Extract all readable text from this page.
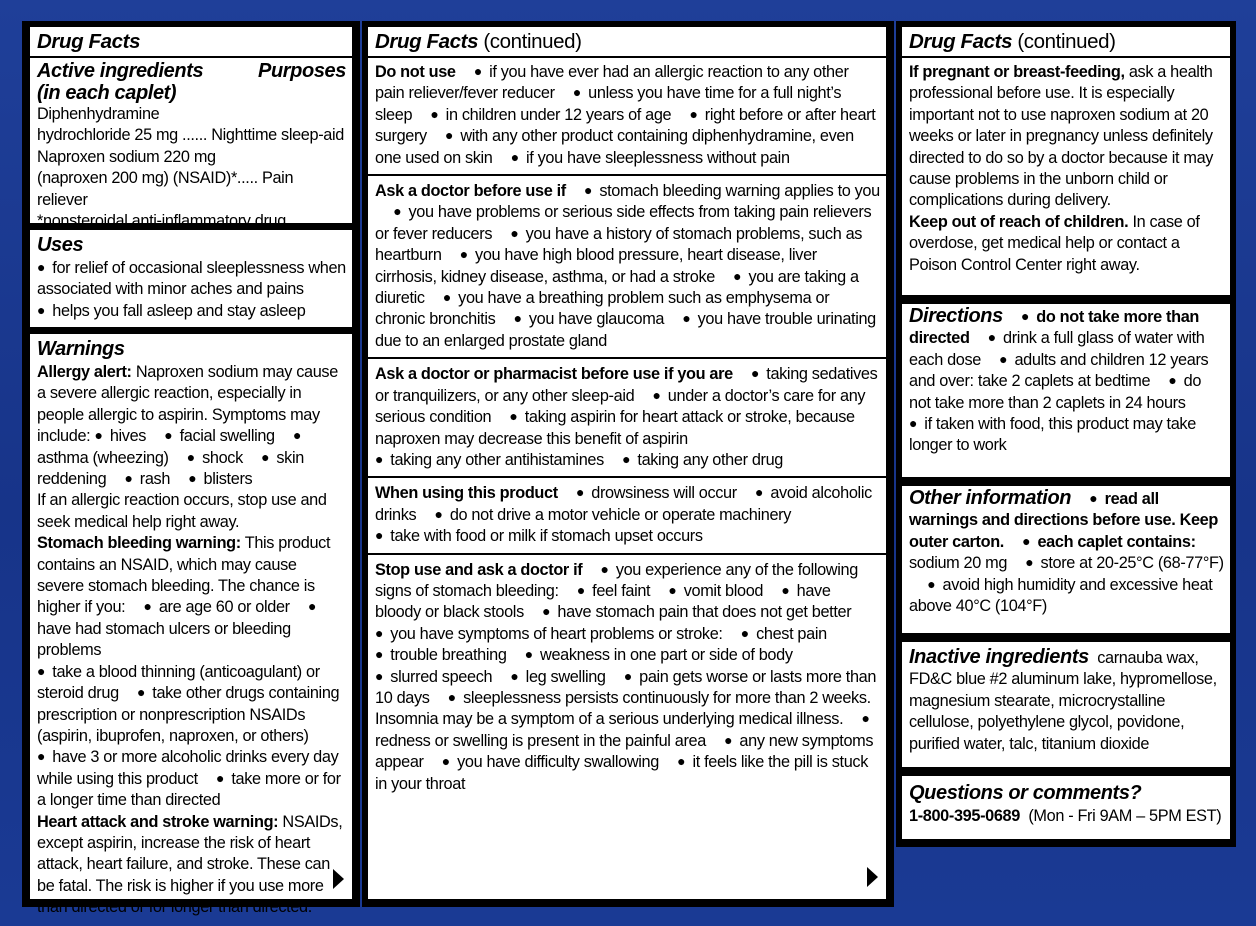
Drug Facts
Active ingredients	Purposes
(in each caplet)
Diphenhydramine
hydrochloride 25 mg ...... Nighttime sleep-aid
Naproxen sodium 220 mg
(naproxen 200 mg) (NSAID)*..... Pain reliever
*nonsteroidal anti-inflammatory drug
Uses
● for relief of occasional sleeplessness when associated with minor aches and pains
● helps you fall asleep and stay asleep
Warnings
Allergy alert: Naproxen sodium may cause a severe allergic reaction, especially in people allergic to aspirin. Symptoms may include: ● hives ● facial swelling ● asthma (wheezing) ● shock ● skin reddening ● rash ● blisters
If an allergic reaction occurs, stop use and seek medical help right away.
Stomach bleeding warning: This product contains an NSAID, which may cause severe stomach bleeding. The chance is higher if you: ● are age 60 or older ● have had stomach ulcers or bleeding problems
● take a blood thinning (anticoagulant) or steroid drug ● take other drugs containing prescription or nonprescription NSAIDs (aspirin, ibuprofen, naproxen, or others)
● have 3 or more alcoholic drinks every day while using this product ● take more or for a longer time than directed
Heart attack and stroke warning: NSAIDs, except aspirin, increase the risk of heart attack, heart failure, and stroke. These can be fatal. The risk is higher if you use more than directed or for longer than directed.
Drug Facts (continued)
Do not use ● if you have ever had an allergic reaction to any other pain reliever/fever reducer ● unless you have time for a full night’s sleep ● in children under 12 years of age ● right before or after heart surgery ● with any other product containing diphenhydramine, even one used on skin ● if you have sleeplessness without pain
Ask a doctor before use if ● stomach bleeding warning applies to you ● you have problems or serious side effects from taking pain relievers or fever reducers ● you have a history of stomach problems, such as heartburn ● you have high blood pressure, heart disease, liver cirrhosis, kidney disease, asthma, or had a stroke ● you are taking a diuretic ● you have a breathing problem such as emphysema or chronic bronchitis ● you have glaucoma ● you have trouble urinating due to an enlarged prostate gland
Ask a doctor or pharmacist before use if you are ● taking sedatives or tranquilizers, or any other sleep-aid ● under a doctor’s care for any serious condition ● taking aspirin for heart attack or stroke, because naproxen may decrease this benefit of aspirin
● taking any other antihistamines ● taking any other drug
When using this product ● drowsiness will occur ● avoid alcoholic drinks ● do not drive a motor vehicle or operate machinery
● take with food or milk if stomach upset occurs
Stop use and ask a doctor if ● you experience any of the following signs of stomach bleeding: ● feel faint ● vomit blood ● have bloody or black stools ● have stomach pain that does not get better
● you have symptoms of heart problems or stroke: ● chest pain
● trouble breathing ● weakness in one part or side of body
● slurred speech ● leg swelling ● pain gets worse or lasts more than 10 days ● sleeplessness persists continuously for more than 2 weeks. Insomnia may be a symptom of a serious underlying medical illness. ● redness or swelling is present in the painful area ● any new symptoms appear ● you have difficulty swallowing ● it feels like the pill is stuck in your throat
Drug Facts (continued)
If pregnant or breast-feeding, ask a health professional before use. It is especially important not to use naproxen sodium at 20 weeks or later in pregnancy unless definitely directed to do so by a doctor because it may cause problems in the unborn child or complications during delivery.
Keep out of reach of children. In case of overdose, get medical help or contact a Poison Control Center right away.
Directions ● do not take more than directed ● drink a full glass of water with each dose ● adults and children 12 years and over: take 2 caplets at bedtime ● do not take more than 2 caplets in 24 hours
● if taken with food, this product may take longer to work
Other information ● read all warnings and directions before use. Keep outer carton. ● each caplet contains: sodium 20 mg ● store at 20-25°C (68-77°F) ● avoid high humidity and excessive heat above 40°C (104°F)
Inactive ingredients carnauba wax, FD&C blue #2 aluminum lake, hypromellose, magnesium stearate, microcrystalline cellulose, polyethylene glycol, povidone, purified water, talc, titanium dioxide
Questions or comments?
1-800-395-0689 (Mon - Fri 9AM – 5PM EST)
